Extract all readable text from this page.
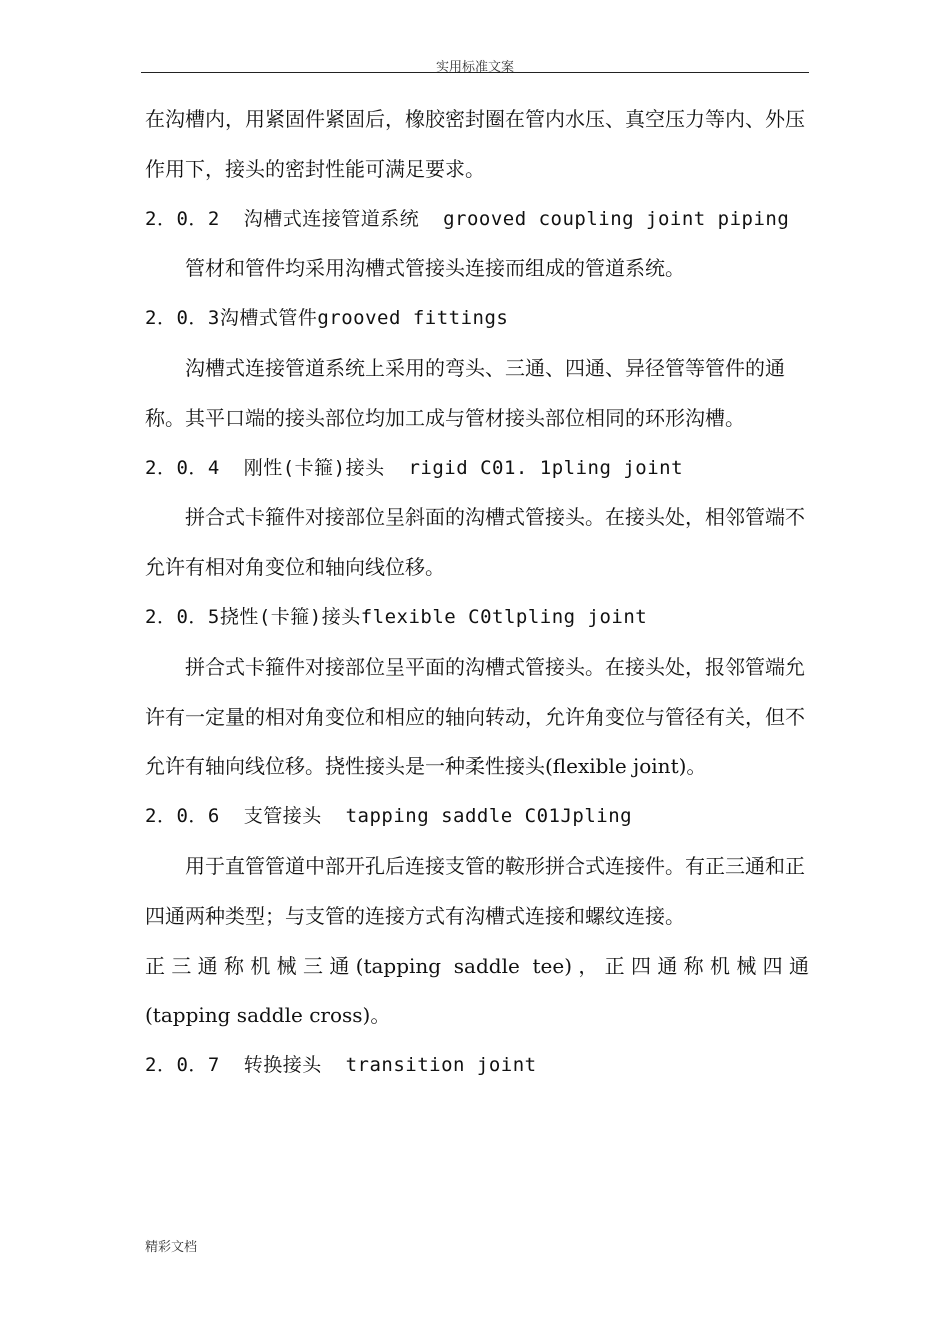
实用标准文案

在沟槽内，用紧固件紧固后，橡胶密封圈在管内水压、真空压力等内、外压作用下，接头的密封性能可满足要求。

2．0．2  沟槽式连接管道系统  grooved coupling joint piping

管材和管件均采用沟槽式管接头连接而组成的管道系统。

2．0．3沟槽式管件grooved fittings

沟槽式连接管道系统上采用的弯头、三通、四通、异径管等管件的通称。其平口端的接头部位均加工成与管材接头部位相同的环形沟槽。

2．0．4  刚性(卡箍)接头  rigid C01. 1pling joint

拼合式卡箍件对接部位呈斜面的沟槽式管接头。在接头处，相邻管端不允许有相对角变位和轴向线位移。

2．0．5挠性(卡箍)接头flexible C0tlpling joint

拼合式卡箍件对接部位呈平面的沟槽式管接头。在接头处，报邻管端允许有一定量的相对角变位和相应的轴向转动，允许角变位与管径有关，但不允许有轴向线位移。挠性接头是一种柔性接头(flexible joint)。

2．0．6  支管接头  tapping saddle C01Jpling

用于直管管道中部开孔后连接支管的鞍形拼合式连接件。有正三通和正四通两种类型；与支管的连接方式有沟槽式连接和螺纹连接。

正三通称机械三通(tapping saddle tee)，正四通称机械四通

(tapping saddle cross)。

2．0．7  转换接头  transition joint

精彩文档
